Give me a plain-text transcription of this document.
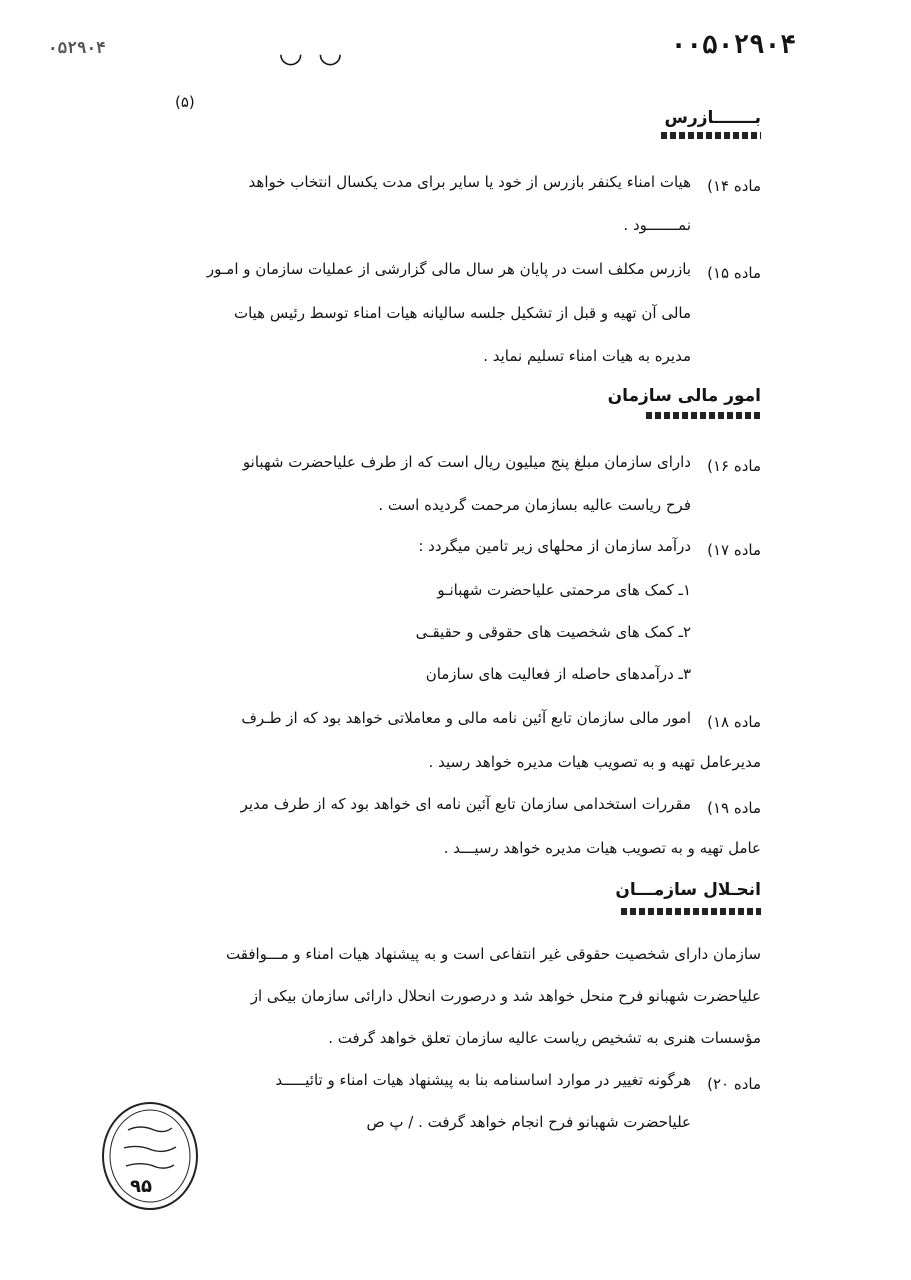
۰۰۵۰۲۹۰۴
۰۵۲۹۰۴	◡◡
(۵)
بـــــــازرس
ماده ۱۴)
هیات امناء یکنفر بازرس از خود یا سایر برای مدت یکسال انتخاب خواهد
نمـــــــود .
ماده ۱۵)
بازرس مکلف است در پایان هر سال مالی گزارشی از عملیات سازمان و امـور
مالی آن تهیه و قبل از تشکیل جلسه سالیانه هیات امناء توسط رئیس هیات
مدیره به هیات امناء تسلیم نماید .
امور مالی سازمان
ماده ۱۶)
دارای سازمان مبلغ پنج میلیون ریال است که از طرف علیاحضرت شهبانو
فرح ریاست عالیه بسازمان مرحمت گردیده است .
ماده ۱۷)
درآمد سازمان از محلهای زیر تامین میگردد :
۱ـ کمک های مرحمتی علیاحضرت شهبانـو
۲ـ کمک های شخصیت های حقوقی و حقیقـی
۳ـ درآمدهای حاصله از فعالیت های سازمان
ماده ۱۸)
امور مالی سازمان تابع آئین نامه مالی و معاملاتی خواهد بود که از طـرف
مدیرعامل تهیه و به تصویب هیات مدیره خواهد رسید .
ماده ۱۹)
مقررات استخدامی سازمان تابع آئین نامه ای خواهد بود که از طرف مدیر
عامل تهیه و به تصویب هیات مدیره خواهد رسیـــد .
انحـلال سازمـــان
سازمان دارای شخصیت حقوقی غیر انتفاعی است و به پیشنهاد هیات امناء و مـــوافقت
علیاحضرت شهبانو فرح منحل خواهد شد و درصورت انحلال دارائی سازمان بیکی از
مؤسسات هنری به تشخیص ریاست عالیه سازمان تعلق خواهد گرفت .
ماده ۲۰)
هرگونه تغییر در موارد اساسنامه بنا به پیشنهاد هیات امناء و تائیـــــد
علیاحضرت شهبانو فرح انجام خواهد گرفت . / پ ص
۹۵
